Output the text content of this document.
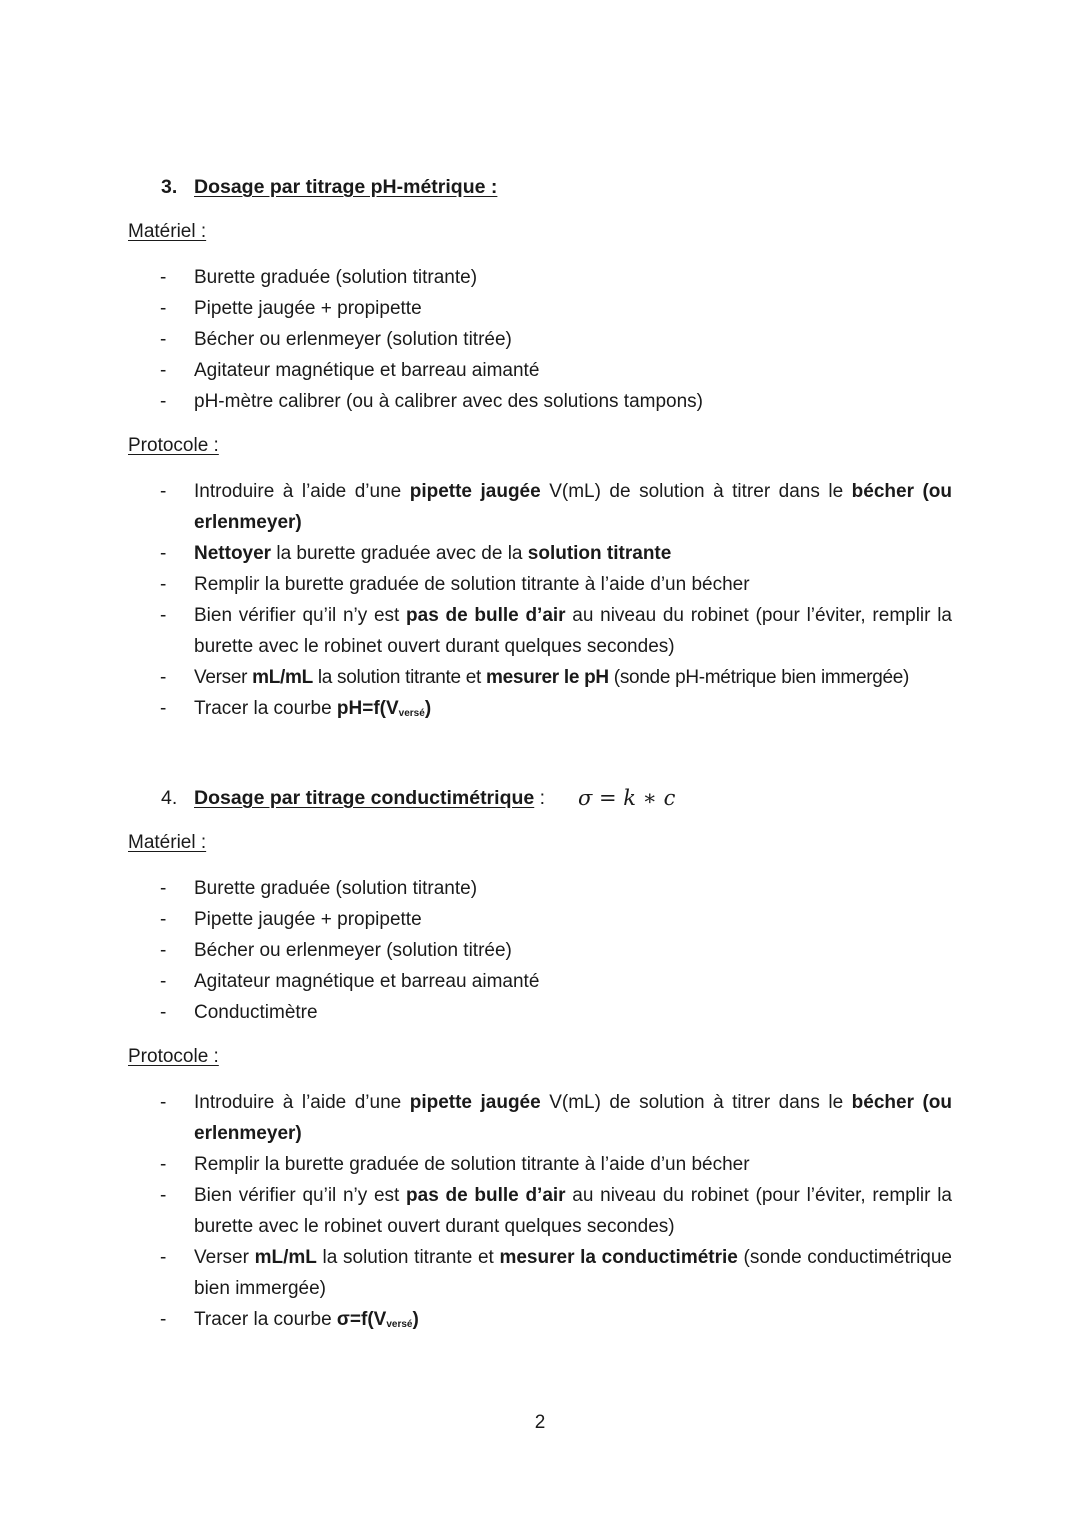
3. Dosage par titrage pH-métrique :
Matériel :
- Burette graduée (solution titrante)
- Pipette jaugée + propipette
- Bécher ou erlenmeyer (solution titrée)
- Agitateur magnétique et barreau aimanté
- pH-mètre calibrer (ou à calibrer avec des solutions tampons)
Protocole :
- Introduire à l’aide d’une pipette jaugée V(mL) de solution à titrer dans le bécher (ou erlenmeyer)
- Nettoyer la burette graduée avec de la solution titrante
- Remplir la burette graduée de solution titrante à l’aide d’un bécher
- Bien vérifier qu’il n’y est pas de bulle d’air au niveau du robinet (pour l’éviter, remplir la burette avec le robinet ouvert durant quelques secondes)
- Verser mL/mL la solution titrante et mesurer le pH (sonde pH-métrique bien immergée)
- Tracer la courbe $pH=f(V_{versé})$
4. Dosage par titrage conductimétrique : σ = k ∗ c
Matériel :
- Burette graduée (solution titrante)
- Pipette jaugée + propipette
- Bécher ou erlenmeyer (solution titrée)
- Agitateur magnétique et barreau aimanté
- Conductimètre
Protocole :
- Introduire à l’aide d’une pipette jaugée V(mL) de solution à titrer dans le bécher (ou erlenmeyer)
- Remplir la burette graduée de solution titrante à l’aide d’un bécher
- Bien vérifier qu’il n’y est pas de bulle d’air au niveau du robinet (pour l’éviter, remplir la burette avec le robinet ouvert durant quelques secondes)
- Verser mL/mL la solution titrante et mesurer la conductimétrie (sonde conductimétrique bien immergée)
- Tracer la courbe $\sigma=f(V_{versé})$
2
